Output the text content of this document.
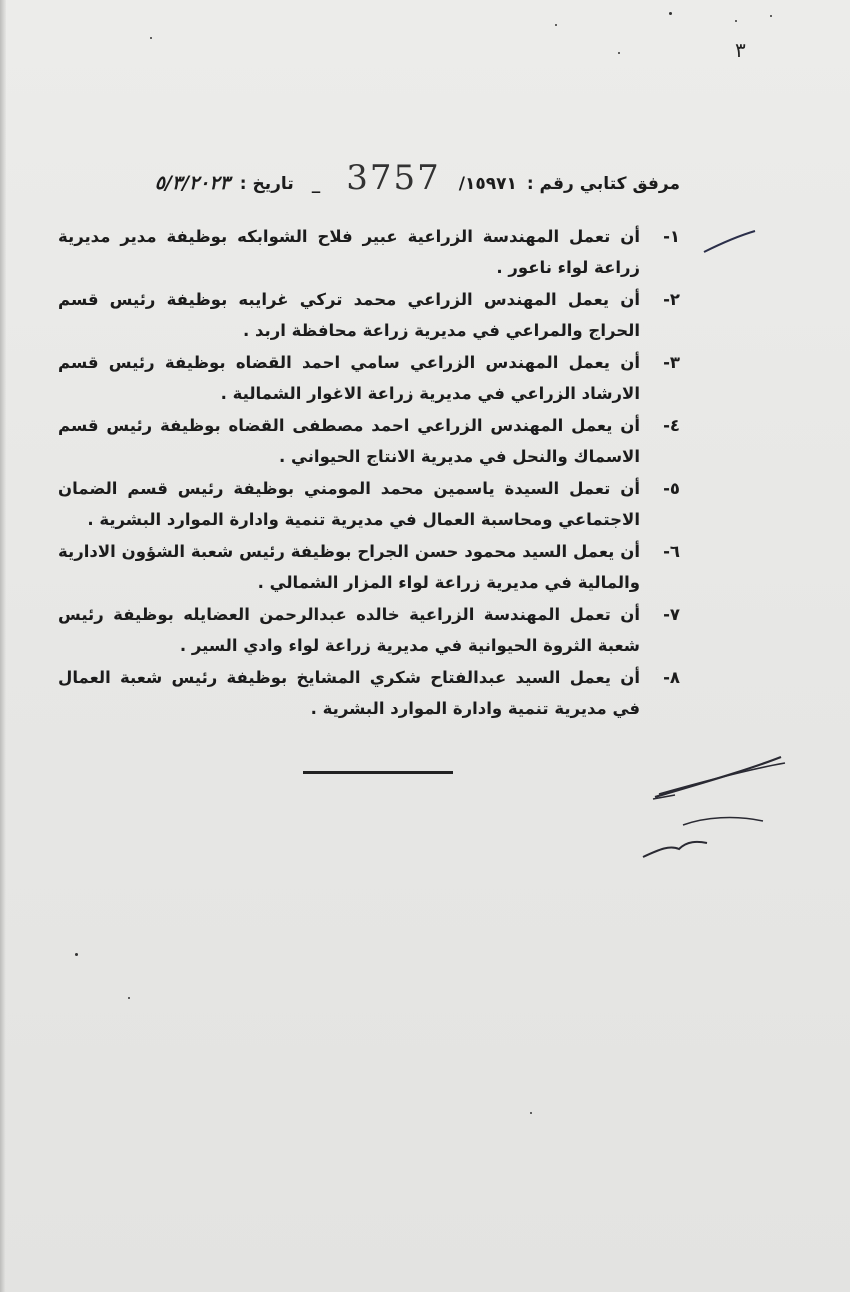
٣
مرفق كتابي رقم :
١٥٩٧١/
3757
_
تاريخ :
٥/٣/٢٠٢٣
١-
أن تعمل المهندسة الزراعية عبير فلاح الشوابكه بوظيفة مدير مديرية زراعة لواء ناعور .
٢-
أن يعمل المهندس الزراعي محمد تركي غرايبه بوظيفة رئيس قسم الحراج والمراعي في مديرية زراعة محافظة اربد .
٣-
أن يعمل المهندس الزراعي سامي احمد القضاه بوظيفة رئيس قسم الارشاد الزراعي في مديرية زراعة الاغوار الشمالية .
٤-
أن يعمل المهندس الزراعي احمد مصطفى القضاه بوظيفة رئيس قسم الاسماك والنحل في مديرية الانتاج الحيواني .
٥-
أن تعمل السيدة ياسمين محمد المومني بوظيفة رئيس قسم الضمان الاجتماعي ومحاسبة العمال في مديرية تنمية وادارة الموارد البشرية .
٦-
أن يعمل السيد محمود حسن الجراح بوظيفة رئيس شعبة الشؤون الادارية والمالية في مديرية زراعة لواء المزار الشمالي .
٧-
أن تعمل المهندسة الزراعية خالده عبدالرحمن العضايله بوظيفة رئيس شعبة الثروة الحيوانية في مديرية زراعة لواء وادي السير .
٨-
أن يعمل السيد عبدالفتاح شكري المشايخ بوظيفة رئيس شعبة العمال في مديرية تنمية وادارة الموارد البشرية .
